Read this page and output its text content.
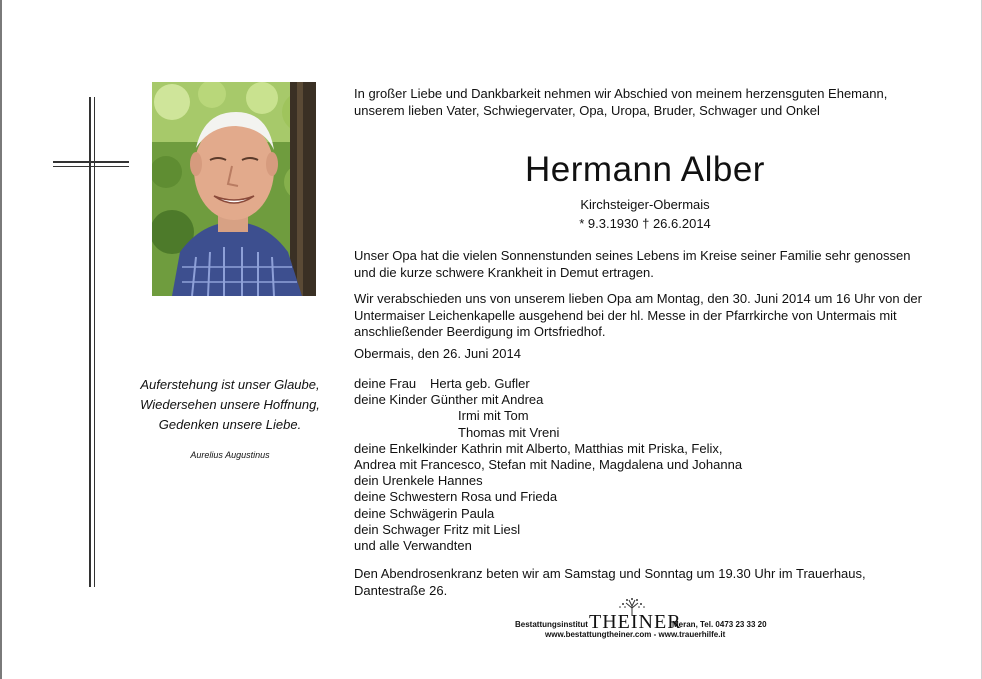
Auferstehung ist unser Glaube,
Wiedersehen unsere Hoffnung,
Gedenken unsere Liebe.
Aurelius Augustinus
In großer Liebe und Dankbarkeit nehmen wir Abschied von meinem herzensguten Ehemann, unserem lieben Vater, Schwiegervater, Opa, Uropa, Bruder, Schwager und Onkel
Hermann Alber
Kirchsteiger-Obermais
* 9.3.1930 † 26.6.2014
Unser Opa hat die vielen Sonnenstunden seines Lebens im Kreise seiner Familie sehr genossen und die kurze schwere Krankheit in Demut ertragen.
Wir verabschieden uns von unserem lieben Opa am Montag, den 30. Juni 2014 um 16 Uhr von der Untermaiser Leichenkapelle ausgehend bei der hl. Messe in der Pfarrkirche von Untermais mit anschließender Beerdigung im Ortsfriedhof.
Obermais, den 26. Juni 2014
deine Frau Herta geb. Gufler
deine Kinder Günther mit Andrea
Irmi mit Tom
Thomas mit Vreni
deine Enkelkinder Kathrin mit Alberto, Matthias mit Priska, Felix,
Andrea mit Francesco, Stefan mit Nadine, Magdalena und Johanna
dein Urenkele Hannes
deine Schwestern Rosa und Frieda
deine Schwägerin Paula
dein Schwager Fritz mit Liesl
und alle Verwandten
Den Abendrosenkranz beten wir am Samstag und Sonntag um 19.30 Uhr im Trauerhaus, Dantestraße 26.
Bestattungsinstitut THEINER
Meran, Tel. 0473 23 33 20
www.bestattungtheiner.com - www.trauerhilfe.it
